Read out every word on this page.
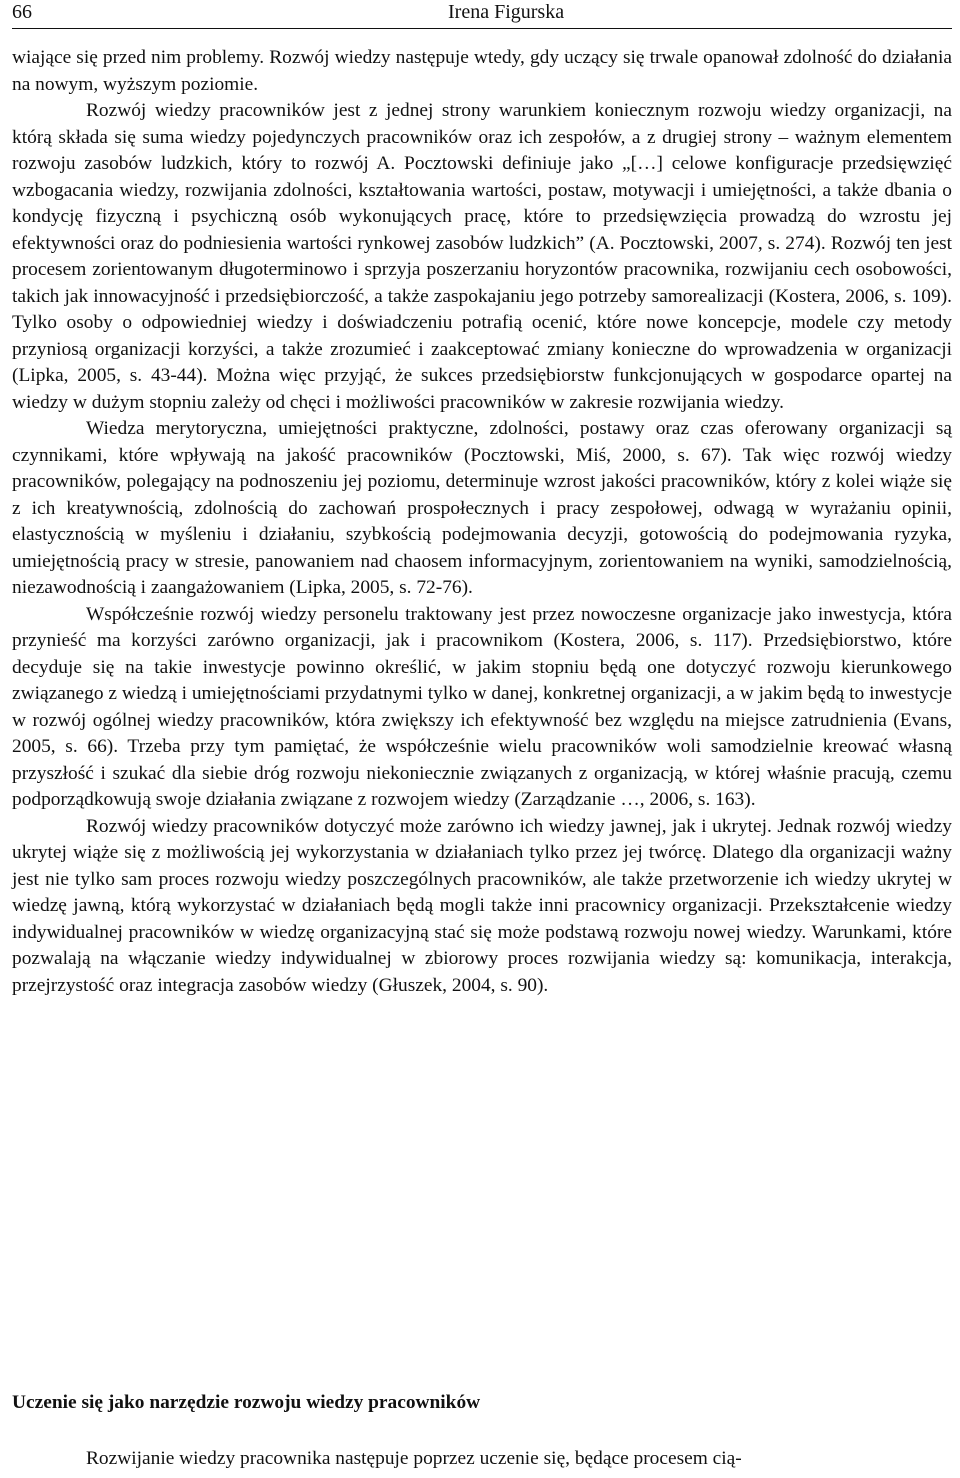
66	Irena Figurska

wiające się przed nim problemy. Rozwój wiedzy następuje wtedy, gdy uczący się trwale opanował zdolność do działania na nowym, wyższym poziomie.

Rozwój wiedzy pracowników jest z jednej strony warunkiem koniecznym rozwoju wiedzy organizacji, na którą składa się suma wiedzy pojedynczych pracowników oraz ich zespołów, a z drugiej strony – ważnym elementem rozwoju zasobów ludzkich, który to rozwój A. Pocztowski definiuje jako „[…] celowe konfiguracje przedsięwzięć wzbogacania wiedzy, rozwijania zdolności, kształtowania wartości, postaw, motywacji i umiejętności, a także dbania o kondycję fizyczną i psychiczną osób wykonujących pracę, które to przedsięwzięcia prowadzą do wzrostu jej efektywności oraz do podniesienia wartości rynkowej zasobów ludzkich” (A. Pocztowski, 2007, s. 274). Rozwój ten jest procesem zorientowanym długoterminowo i sprzyja poszerzaniu horyzontów pracownika, rozwijaniu cech osobowości, takich jak innowacyjność i przedsiębiorczość, a także zaspokajaniu jego potrzeby samorealizacji (Kostera, 2006, s. 109). Tylko osoby o odpowiedniej wiedzy i doświadczeniu potrafią ocenić, które nowe koncepcje, modele czy metody przyniosą organizacji korzyści, a także zrozumieć i zaakceptować zmiany konieczne do wprowadzenia w organizacji (Lipka, 2005, s. 43-44). Można więc przyjąć, że sukces przedsiębiorstw funkcjonujących w gospodarce opartej na wiedzy w dużym stopniu zależy od chęci i możliwości pracowników w zakresie rozwijania wiedzy.

Wiedza merytoryczna, umiejętności praktyczne, zdolności, postawy oraz czas oferowany organizacji są czynnikami, które wpływają na jakość pracowników (Pocztowski, Miś, 2000, s. 67). Tak więc rozwój wiedzy pracowników, polegający na podnoszeniu jej poziomu, determinuje wzrost jakości pracowników, który z kolei wiąże się z ich kreatywnością, zdolnością do zachowań prospołecznych i pracy zespołowej, odwagą w wyrażaniu opinii, elastycznością w myśleniu i działaniu, szybkością podejmowania decyzji, gotowością do podejmowania ryzyka, umiejętnością pracy w stresie, panowaniem nad chaosem informacyjnym, zorientowaniem na wyniki, samodzielnością, niezawodnością i zaangażowaniem (Lipka, 2005, s. 72-76).

Współcześnie rozwój wiedzy personelu traktowany jest przez nowoczesne organizacje jako inwestycja, która przynieść ma korzyści zarówno organizacji, jak i pracownikom (Kostera, 2006, s. 117). Przedsiębiorstwo, które decyduje się na takie inwestycje powinno określić, w jakim stopniu będą one dotyczyć rozwoju kierunkowego związanego z wiedzą i umiejętnościami przydatnymi tylko w danej, konkretnej organizacji, a w jakim będą to inwestycje w rozwój ogólnej wiedzy pracowników, która zwiększy ich efektywność bez względu na miejsce zatrudnienia (Evans, 2005, s. 66). Trzeba przy tym pamiętać, że współcześnie wielu pracowników woli samodzielnie kreować własną przyszłość i szukać dla siebie dróg rozwoju niekoniecznie związanych z organizacją, w której właśnie pracują, czemu podporządkowują swoje działania związane z rozwojem wiedzy (Zarządzanie …, 2006, s. 163).

Rozwój wiedzy pracowników dotyczyć może zarówno ich wiedzy jawnej, jak i ukrytej. Jednak rozwój wiedzy ukrytej wiąże się z możliwością jej wykorzystania w działaniach tylko przez jej twórcę. Dlatego dla organizacji ważny jest nie tylko sam proces rozwoju wiedzy poszczególnych pracowników, ale także przetworzenie ich wiedzy ukrytej w wiedzę jawną, którą wykorzystać w działaniach będą mogli także inni pracownicy organizacji. Przekształcenie wiedzy indywidualnej pracowników w wiedzę organizacyjną stać się może podstawą rozwoju nowej wiedzy. Warunkami, które pozwalają na włączanie wiedzy indywidualnej w zbiorowy proces rozwijania wiedzy są: komunikacja, interakcja, przejrzystość oraz integracja zasobów wiedzy (Głuszek, 2004, s. 90).

Uczenie się jako narzędzie rozwoju wiedzy pracowników

Rozwijanie wiedzy pracownika następuje poprzez uczenie się, będące procesem cią-
